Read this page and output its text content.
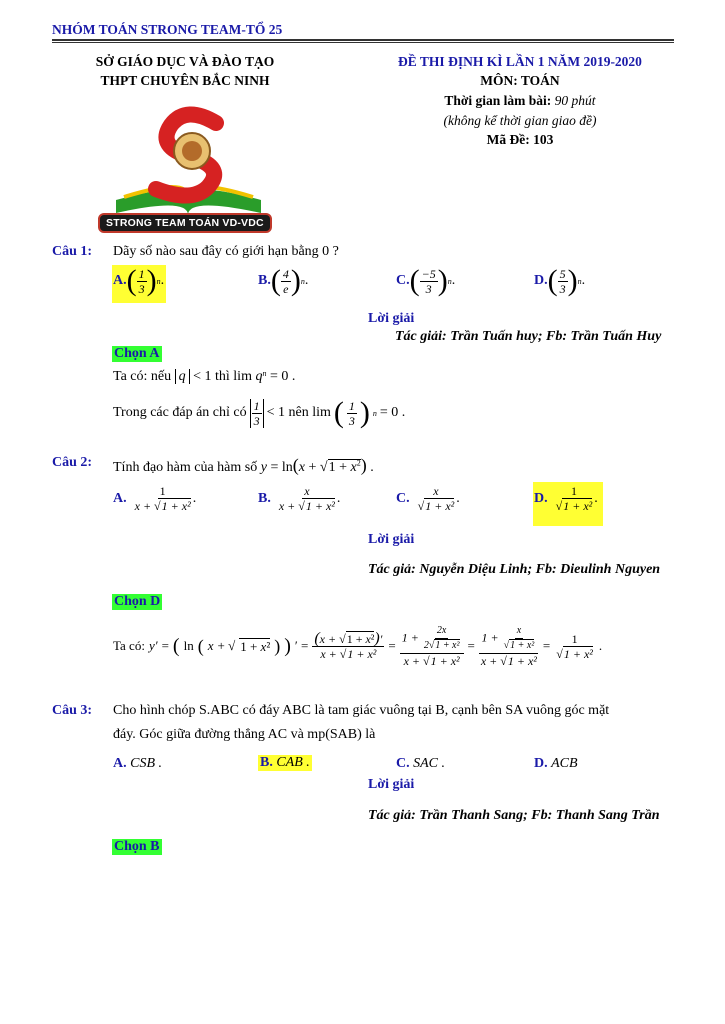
NHÓM TOÁN STRONG TEAM-TỔ 25
SỞ GIÁO DỤC VÀ ĐÀO TẠO
THPT CHUYÊN BẮC NINH
ĐỀ THI ĐỊNH KÌ LẦN 1 NĂM 2019-2020
MÔN: TOÁN
Thời gian làm bài: 90 phút
(không kể thời gian giao đề)
Mã Đề: 103
STRONG TEAM TOÁN VD-VDC
Câu 1: Dãy số nào sau đây có giới hạn bằng 0 ?
A. ( $\frac{1}{3}$ ) n .	B. ( $\frac{4}{e}$ ) n .	C. ( $\frac{-5}{3}$ ) n .	D. ( $\frac{5}{3}$ ) n .
Lời giải
Tác giải: Trần Tuấn huy; Fb: Trần Tuấn Huy
Chọn A
Ta có: nếu q < 1 thì $\lim q^n = 0$ .
Trong các đáp án chỉ có $\frac{1}{3} < 1$ nên lim ( $\frac{1}{3}$ ) n = 0 .
Câu 2: Tính đạo hàm của hàm số $y = \ln(x + √1 + x^2)$ .
A. $\frac{1}{\text{x + √1 + x²}}$ .	B. $\frac{x}{\text{x + √1 + x²}}$ .	C. $\frac{x}{\text{√1 + x²}}$ .	D. $\frac{1}{\text{√1 + x²}}$ .
Lời giải
Tác giả: Nguyễn Diệu Linh; Fb: Dieulinh Nguyen
Chọn D
Ta có: y′ = ( ln ( x + √ 1 + x² ) ) ′ = $\frac{\text{(x + √1 + x²)′}}{\text{x + √1 + x²}} = \frac{1 + \frac{2x}{\text{2√1 + x²}}}{\text{x + √1 + x²}} = \frac{1 + \frac{x}{\text{√1 + x²}}}{\text{x + √1 + x²}} = \frac{1}{\text{√1 + x²}}$ .
Câu 3: Cho hình chóp S.ABC có đáy ABC là tam giác vuông tại B, cạnh bên SA vuông góc mặt
đáy. Góc giữa đường thẳng AC và mp(SAB) là
A. CSB .	B. CAB .	C. SAC .	D. ACB
Lời giải
Tác giả: Trần Thanh Sang; Fb: Thanh Sang Trần
Chọn B
